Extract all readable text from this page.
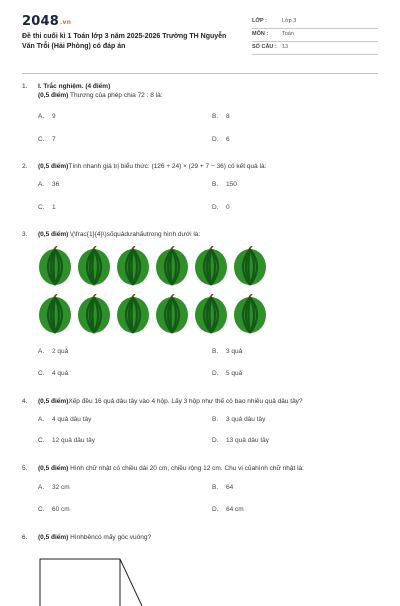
2048.vn
Đề thi cuối kì 1 Toán lớp 3 năm 2025-2026 Trường TH Nguyễn Văn Trỗi (Hải Phòng) có đáp án
LỚP :	Lớp 3
MÔN :	Toán
SỐ CÂU : 13
1.	I. Trắc nghiệm. (4 điểm)
(0,5 điểm) Thương của phép chia 72 : 8 là:
A. 9	B. 8
C. 7	D. 6
2.	(0,5 điểm)Tính nhanh giá trị biểu thức: (126 + 24) × (29 + 7 − 36) có kết quả là:
A. 36	B. 150
C. 1	D. 0
3.	(0,5 điểm) \(\frac{1}{4}\)sốquảdưahấutrong hình dưới là:
A. 2 quả	B. 3 quả
C. 4 quả	D. 5 quả
4.	(0,5 điểm)Xếp đều 16 quả dâu tây vào 4 hộp. Lấy 3 hộp như thế có bao nhiêu quả dâu tây?
A. 4 quả dâu tây	B. 3 quả dâu tây
C. 12 quả dâu tây	D. 13 quả dâu tây
5.	(0,5 điểm) Hình chữ nhật có chiều dài 20 cm, chiều rộng 12 cm. Chu vi củahình chữ nhật là:
A. 32 cm	B. 64
C. 60 cm	D. 64 cm
6.	(0,5 điểm) Hìnhbêncó mấy góc vuông?
